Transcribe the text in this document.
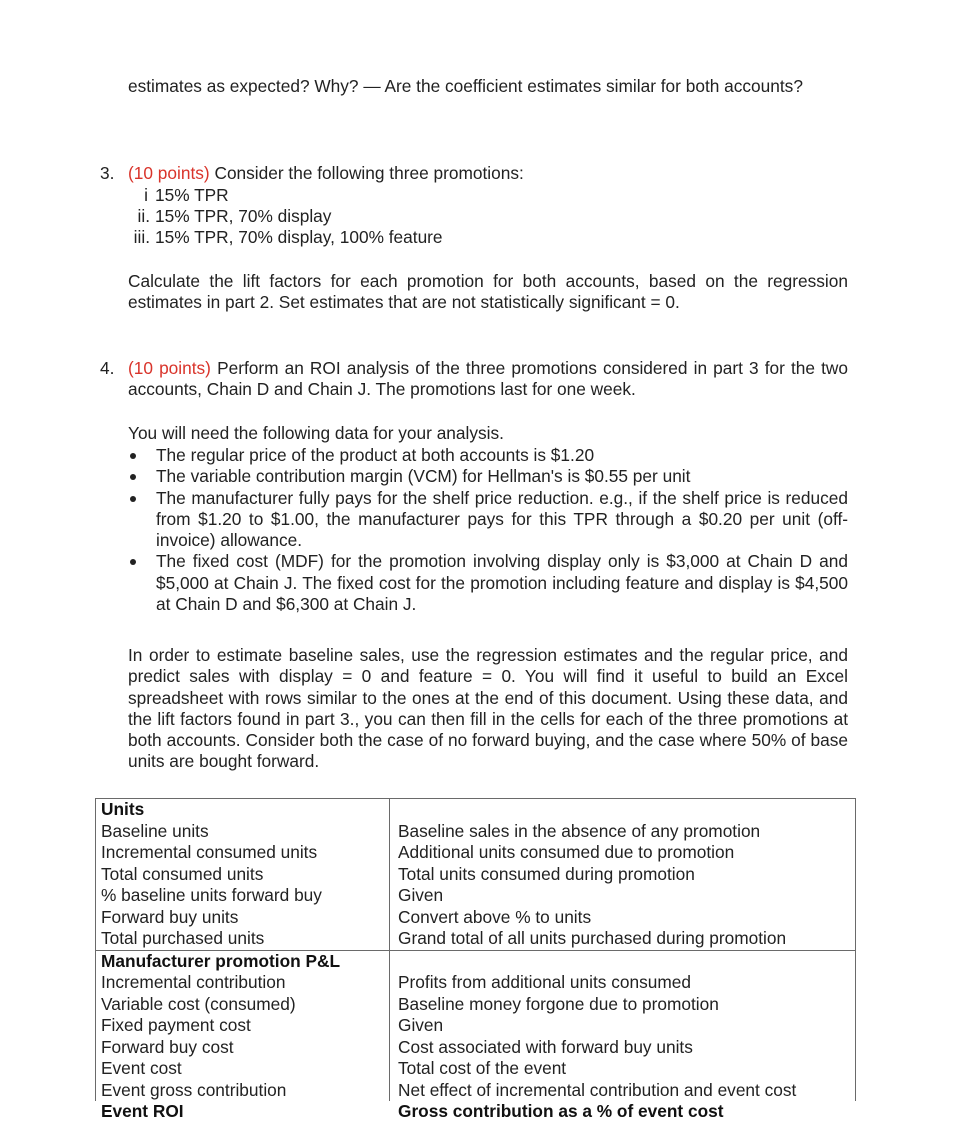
estimates as expected? Why? — Are the coefficient estimates similar for both accounts?
3. (10 points) Consider the following three promotions:
i 15% TPR
ii. 15% TPR, 70% display
iii. 15% TPR, 70% display, 100% feature
Calculate the lift factors for each promotion for both accounts, based on the regression estimates in part 2. Set estimates that are not statistically significant = 0.
4. (10 points) Perform an ROI analysis of the three promotions considered in part 3 for the two accounts, Chain D and Chain J. The promotions last for one week.
You will need the following data for your analysis.
The regular price of the product at both accounts is $1.20
The variable contribution margin (VCM) for Hellman's is $0.55 per unit
The manufacturer fully pays for the shelf price reduction. e.g., if the shelf price is reduced from $1.20 to $1.00, the manufacturer pays for this TPR through a $0.20 per unit (off-invoice) allowance.
The fixed cost (MDF) for the promotion involving display only is $3,000 at Chain D and $5,000 at Chain J. The fixed cost for the promotion including feature and display is $4,500 at Chain D and $6,300 at Chain J.
In order to estimate baseline sales, use the regression estimates and the regular price, and predict sales with display = 0 and feature = 0. You will find it useful to build an Excel spreadsheet with rows similar to the ones at the end of this document. Using these data, and the lift factors found in part 3., you can then fill in the cells for each of the three promotions at both accounts. Consider both the case of no forward buying, and the case where 50% of base units are bought forward.
Units
Baseline units	Baseline sales in the absence of any promotion
Incremental consumed units	Additional units consumed due to promotion
Total consumed units	Total units consumed during promotion
% baseline units forward buy	Given
Forward buy units	Convert above % to units
Total purchased units	Grand total of all units purchased during promotion
Manufacturer promotion P&L
Incremental contribution	Profits from additional units consumed
Variable cost (consumed)	Baseline money forgone due to promotion
Fixed payment cost	Given
Forward buy cost	Cost associated with forward buy units
Event cost	Total cost of the event
Event gross contribution	Net effect of incremental contribution and event cost
Event ROI	Gross contribution as a % of event cost
